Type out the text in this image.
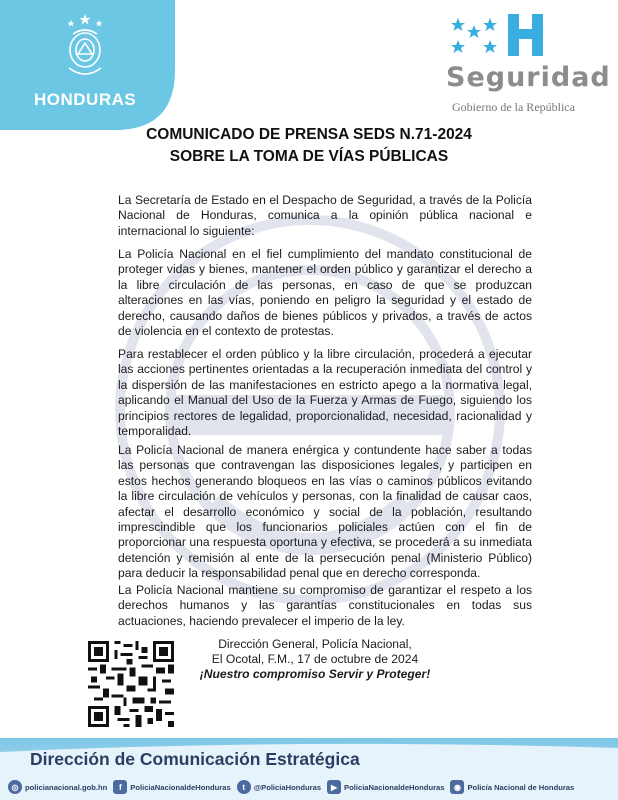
HONDURAS
Seguridad
Gobierno de la República
COMUNICADO DE PRENSA SEDS N.71-2024
SOBRE LA TOMA DE VÍAS PÚBLICAS

La Secretaría de Estado en el Despacho de Seguridad, a través de la Policía Nacional de Honduras, comunica a la opinión pública nacional e internacional lo siguiente:

La Policía Nacional en el fiel cumplimiento del mandato constitucional de proteger vidas y bienes, mantener el orden público y garantizar el derecho a la libre circulación de las personas, en caso de que se produzcan alteraciones en las vías, poniendo en peligro la seguridad y el estado de derecho, causando daños de bienes públicos y privados, a través de actos de violencia en el contexto de protestas.

Para restablecer el orden público y la libre circulación, procederá a ejecutar las acciones pertinentes orientadas a la recuperación inmediata del control y la dispersión de las manifestaciones en estricto apego a la normativa legal, aplicando el Manual del Uso de la Fuerza y Armas de Fuego, siguiendo los principios rectores de legalidad, proporcionalidad, necesidad, racionalidad y temporalidad.

La Policía Nacional de manera enérgica y contundente hace saber a todas las personas que contravengan las disposiciones legales, y participen en estos hechos generando bloqueos en las vías o caminos públicos evitando la libre circulación de vehículos y personas, con la finalidad de causar caos, afectar el desarrollo económico y social de la población, resultando imprescindible que los funcionarios policiales actúen con el fin de proporcionar una respuesta oportuna y efectiva, se procederá a su inmediata detención y remisión al ente de la persecución penal (Ministerio Público) para deducir la responsabilidad penal que en derecho corresponda.

La Policía Nacional mantiene su compromiso de garantizar el respeto a los derechos humanos y las garantías constitucionales en todas sus actuaciones, haciendo prevalecer el imperio de la ley.

Dirección General, Policía Nacional,
El Ocotal, F.M., 17 de octubre de 2024
¡Nuestro compromiso Servir y Proteger!
Dirección de Comunicación Estratégica
◎ policianacional.gob.hn	f	PoliciaNacionaldeHonduras	t	@PoliciaHonduras	▶ PoliciaNacionaldeHonduras	◉ Policía Nacional de Honduras
